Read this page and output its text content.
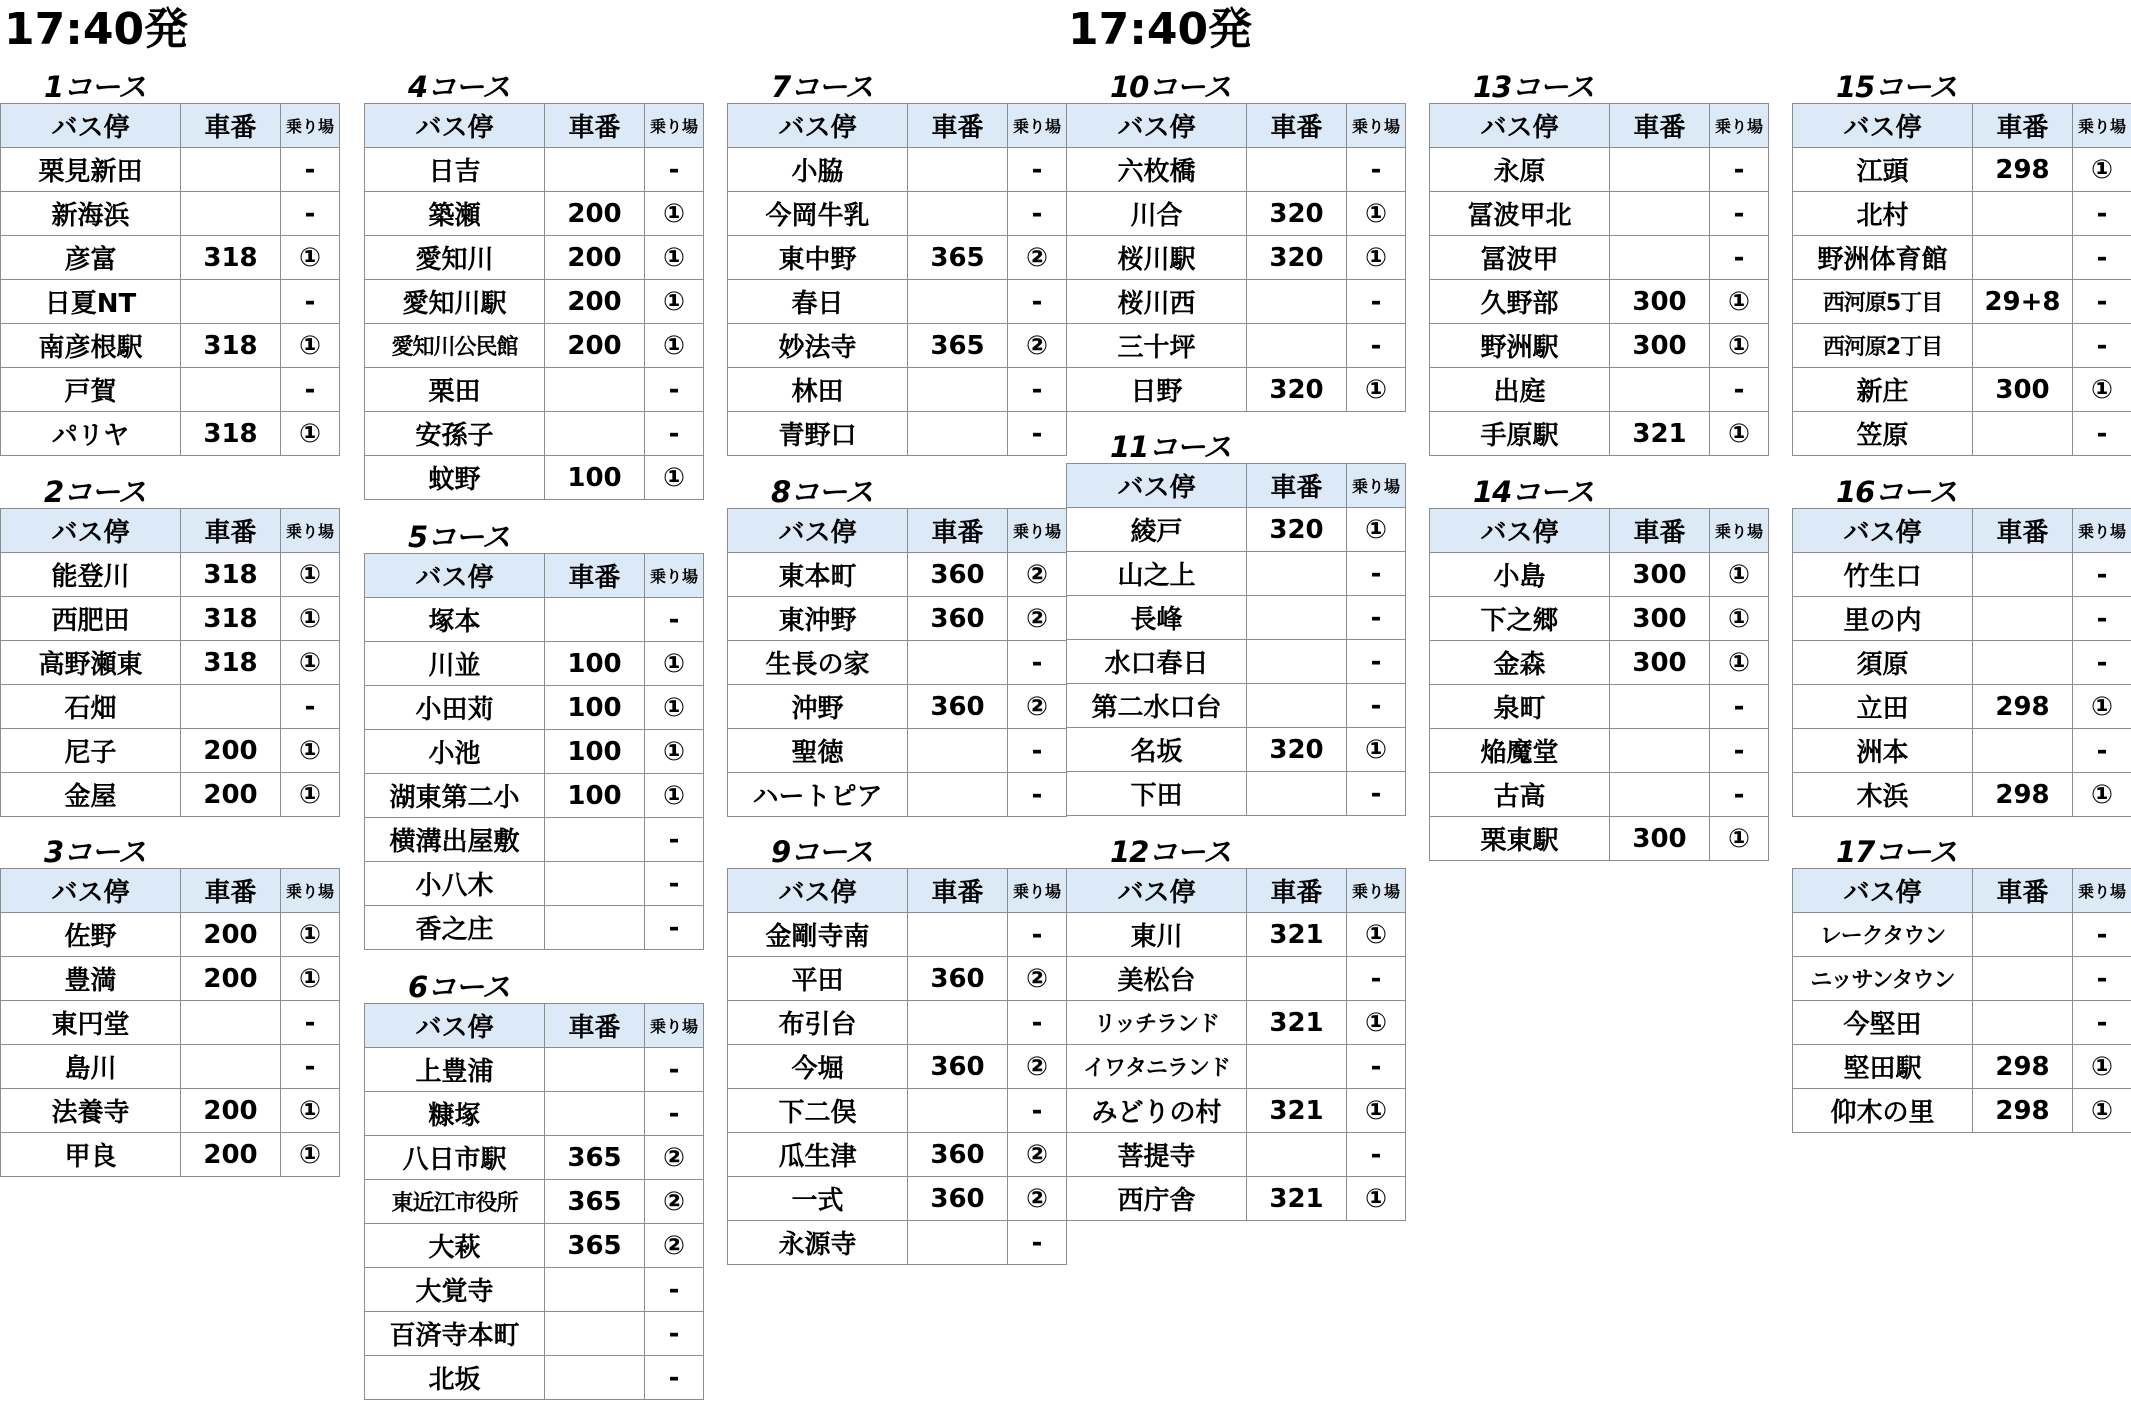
17:40発	17:40発
1コース
バス停	車番	乗り場
栗見新田		-
新海浜		-
彦富	318	①
日夏NT		-
南彦根駅	318	①
戸賀		-
パリヤ	318	①
2コース
バス停	車番	乗り場
能登川	318	①
西肥田	318	①
高野瀬東	318	①
石畑		-
尼子	200	①
金屋	200	①
3コース
バス停	車番	乗り場
佐野	200	①
豊満	200	①
東円堂		-
島川		-
法養寺	200	①
甲良	200	①
4コース
バス停	車番	乗り場
日吉		-
築瀬	200	①
愛知川	200	①
愛知川駅	200	①
愛知川公民館	200	①
栗田		-
安孫子		-
蚊野	100	①
5コース
バス停	車番	乗り場
塚本		-
川並	100	①
小田苅	100	①
小池	100	①
湖東第二小	100	①
横溝出屋敷		-
小八木		-
香之庄		-
6コース
バス停	車番	乗り場
上豊浦		-
糠塚		-
八日市駅	365	②
東近江市役所	365	②
大萩	365	②
大覚寺		-
百済寺本町		-
北坂		-
7コース
バス停	車番	乗り場
小脇		-
今岡牛乳		-
東中野	365	②
春日		-
妙法寺	365	②
林田		-
青野口		-
8コース
バス停	車番	乗り場
東本町	360	②
東沖野	360	②
生長の家		-
沖野	360	②
聖徳		-
ハートピア		-
9コース
バス停	車番	乗り場
金剛寺南		-
平田	360	②
布引台		-
今堀	360	②
下二俣		-
瓜生津	360	②
一式	360	②
永源寺		-
10コース
バス停	車番	乗り場
六枚橋		-
川合	320	①
桜川駅	320	①
桜川西		-
三十坪		-
日野	320	①
11コース
バス停	車番	乗り場
綾戸	320	①
山之上		-
長峰		-
水口春日		-
第二水口台		-
名坂	320	①
下田		-
12コース
バス停	車番	乗り場
東川	321	①
美松台		-
リッチランド	321	①
イワタニランド		-
みどりの村	321	①
菩提寺		-
西庁舎	321	①
13コース
バス停	車番	乗り場
永原		-
冨波甲北		-
冨波甲		-
久野部	300	①
野洲駅	300	①
出庭		-
手原駅	321	①
14コース
バス停	車番	乗り場
小島	300	①
下之郷	300	①
金森	300	①
泉町		-
焔魔堂		-
古高		-
栗東駅	300	①
15コース
バス停	車番	乗り場
江頭	298	①
北村		-
野洲体育館		-
西河原5丁目	29+8	-
西河原2丁目		-
新庄	300	①
笠原		-
16コース
バス停	車番	乗り場
竹生口		-
里の内		-
須原		-
立田	298	①
洲本		-
木浜	298	①
17コース
バス停	車番	乗り場
レークタウン		-
ニッサンタウン		-
今堅田		-
堅田駅	298	①
仰木の里	298	①
